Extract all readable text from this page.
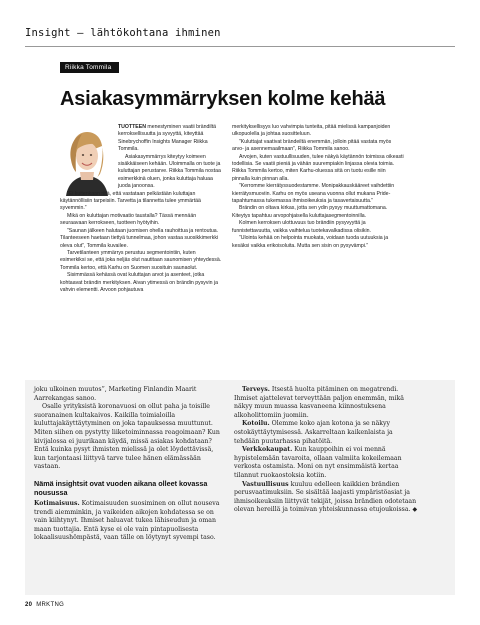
Insight – lähtökohtana ihminen
Riikka Tommila
Asiakasymmärryksen kolme kehää

TUOTTEEN menestyminen vaatii brändiltä kerroksellisuutta ja syvyyttä, kiteyttää Sinebrychoffin Insights Manager Riikka Tommila.

Asiakasymmärrys kiteytyy koimeen sisäkkäiseen kehään. Uloimmalla on tuote ja kuluttajan perustarve. Riikka Tommila nostaa esimerkkinä oluen, jonka kuluttaja haluaa juoda janoonsa.

”Ei kuitenkaan riitä, että vastataan pelkästään kuluttajan käytännöllisiin tarpeisiin. Tarvetta ja tilannetta tulee ymmärtää syvemmin.”

Mikä on kuluttajan motivaatio taustalla? Tässä mennään seuraavaan kerrokseen, tuotteen hyötyihin.

”Saunan jälkeen halutaan juomisen ohella rauhoittua ja rentoutua. Tilanteeseen haetaan tiettyä tunnelmaa, johon vastaa suosikkimerkki oleva olut”, Tommila kuvailee.

Tarvetilanteen ymmärrys perustuu segmentointiin, kuten esimerkiksi se, että joka neljäs olut nautitaan saunomisen yhteydessä. Tommila kertoo, että Karhu on Suomen suosituin saunaolut.

Sisimmässä kehässä ovat kuluttajan arvot ja asenteet, jotka kohtaavat brändin merkityksen. Aivan ytimessä on brändin pysyvin ja vahvin elementti. Arvoon pohjautuva

merkityksellisyys luo vahvimpia tunteita, pitää mielissä kampanjoiden ulkopuolella ja johtaa suositteluun.

”Kuluttajat vaativat brändeiltä enemmän, jolloin pitää vastata myös arvo- ja asennemaailmaan”, Riikka Tommila sanoo.

Arvojen, kuten vastuullisuuden, tulee näkyä käytännön toimissa oikeasti todellisia. Se vaatii pieniä ja vähän suurempiakin linjassa olevia toimia. Riikka Tommila kertoo, miten Karhu-oluessa sitä on tuotu esille niin pinnalla kuin pinnan alla.

”Kerromme kierrätyssuodestamme. Monipakkauskääreet vaihdettiin kierrätysmuoviin. Karhu on myös useana vuonna ollut mukana Pride-tapahtumassa tukemassa ihmisoikeuksia ja tasavertaisuutta.”

Brändin on oltava kirkas, jotta sen ydin pysyy muuttumattomana. Kiteytys tapahtuu arvopohjaisella kuluttajasegmentoinnilla.

Kolmen kerroksen ulottuvuus tuo brändiin pysyvyyttä ja funnistettavuutta, vaikka vaihtelua tuotekavalkadissa olisikin.

”Ulointa kehää on helpointa muokata, voidaan tuoda uutuuksia ja kesäksi vaikka erikoisoluita. Mutta sen sisin on pysyvämpi.”

joku ulkoinen muutos”, Marketing Finlandin Maarit Aarrekangas sanoo.

Osalle yrityksistä koronavuosi on ollut paha ja toisille suoranainen kultakaivos. Kaikilla toimialoilla kuluttajakäyttäytyminen on joka tapauksessa muuttunut. Miten siihen on pystytty liiketoiminnassa reagoimaan? Kun kivijalossa ei juurikaan käydä, missä asiakas kohdataan? Entä kuinka pysyt ihmisten mielissä ja olet löydettävissä, kun tarjontaasi liittyvä tarve tulee hänen elämässään vastaan.

Nämä insightsit ovat vuoden aikana olleet kovassa nousussa

Kotimaisuus. Kotimaisuuden suosiminen on ollut nouseva trendi aiemminkin, ja vaikeiden aikojen kohdatessa se on vain kiihtynyt. Ihmiset haluavat tukea lähiseudun ja oman maan tuottajia. Entä kyse ei ole vain pintapuolisesta lokaalisuushömpästä, vaan tälle on löytynyt syvempi taso.

Terveys. Itsestä huolta pitäminen on megatrendi. Ihmiset ajattelevat terveyttään paljon enemmän, mikä näkyy muun muassa kasvaneena kiinnostuksena alkoholittomiin juomiin.

Kotoilu. Olemme koko ajan kotona ja se näkyy ostokäyttäytymisessä. Askarreltaan kaikenlaista ja tehdään puutarhassa pihatöitä.

Verkkokaupat. Kun kauppoihin ei voi mennä hypistelemään tavaroita, ollaan valmiita kokeilemaan verkosta ostamista. Moni on nyt ensimmäistä kertaa tilannut ruokaostoksia kotiin.

Vastuullisuus kuuluu edelleen kaikkien brändien perusvaatimuksiin. Se sisältää laajasti ympäristöasiat ja ihmisoikeuksiin liittyvät tekijät, joissa brändien odotetaan olevan hereillä ja toimivan yhteiskunnassa etujoukoissa. ◆

20 MRKTNG
